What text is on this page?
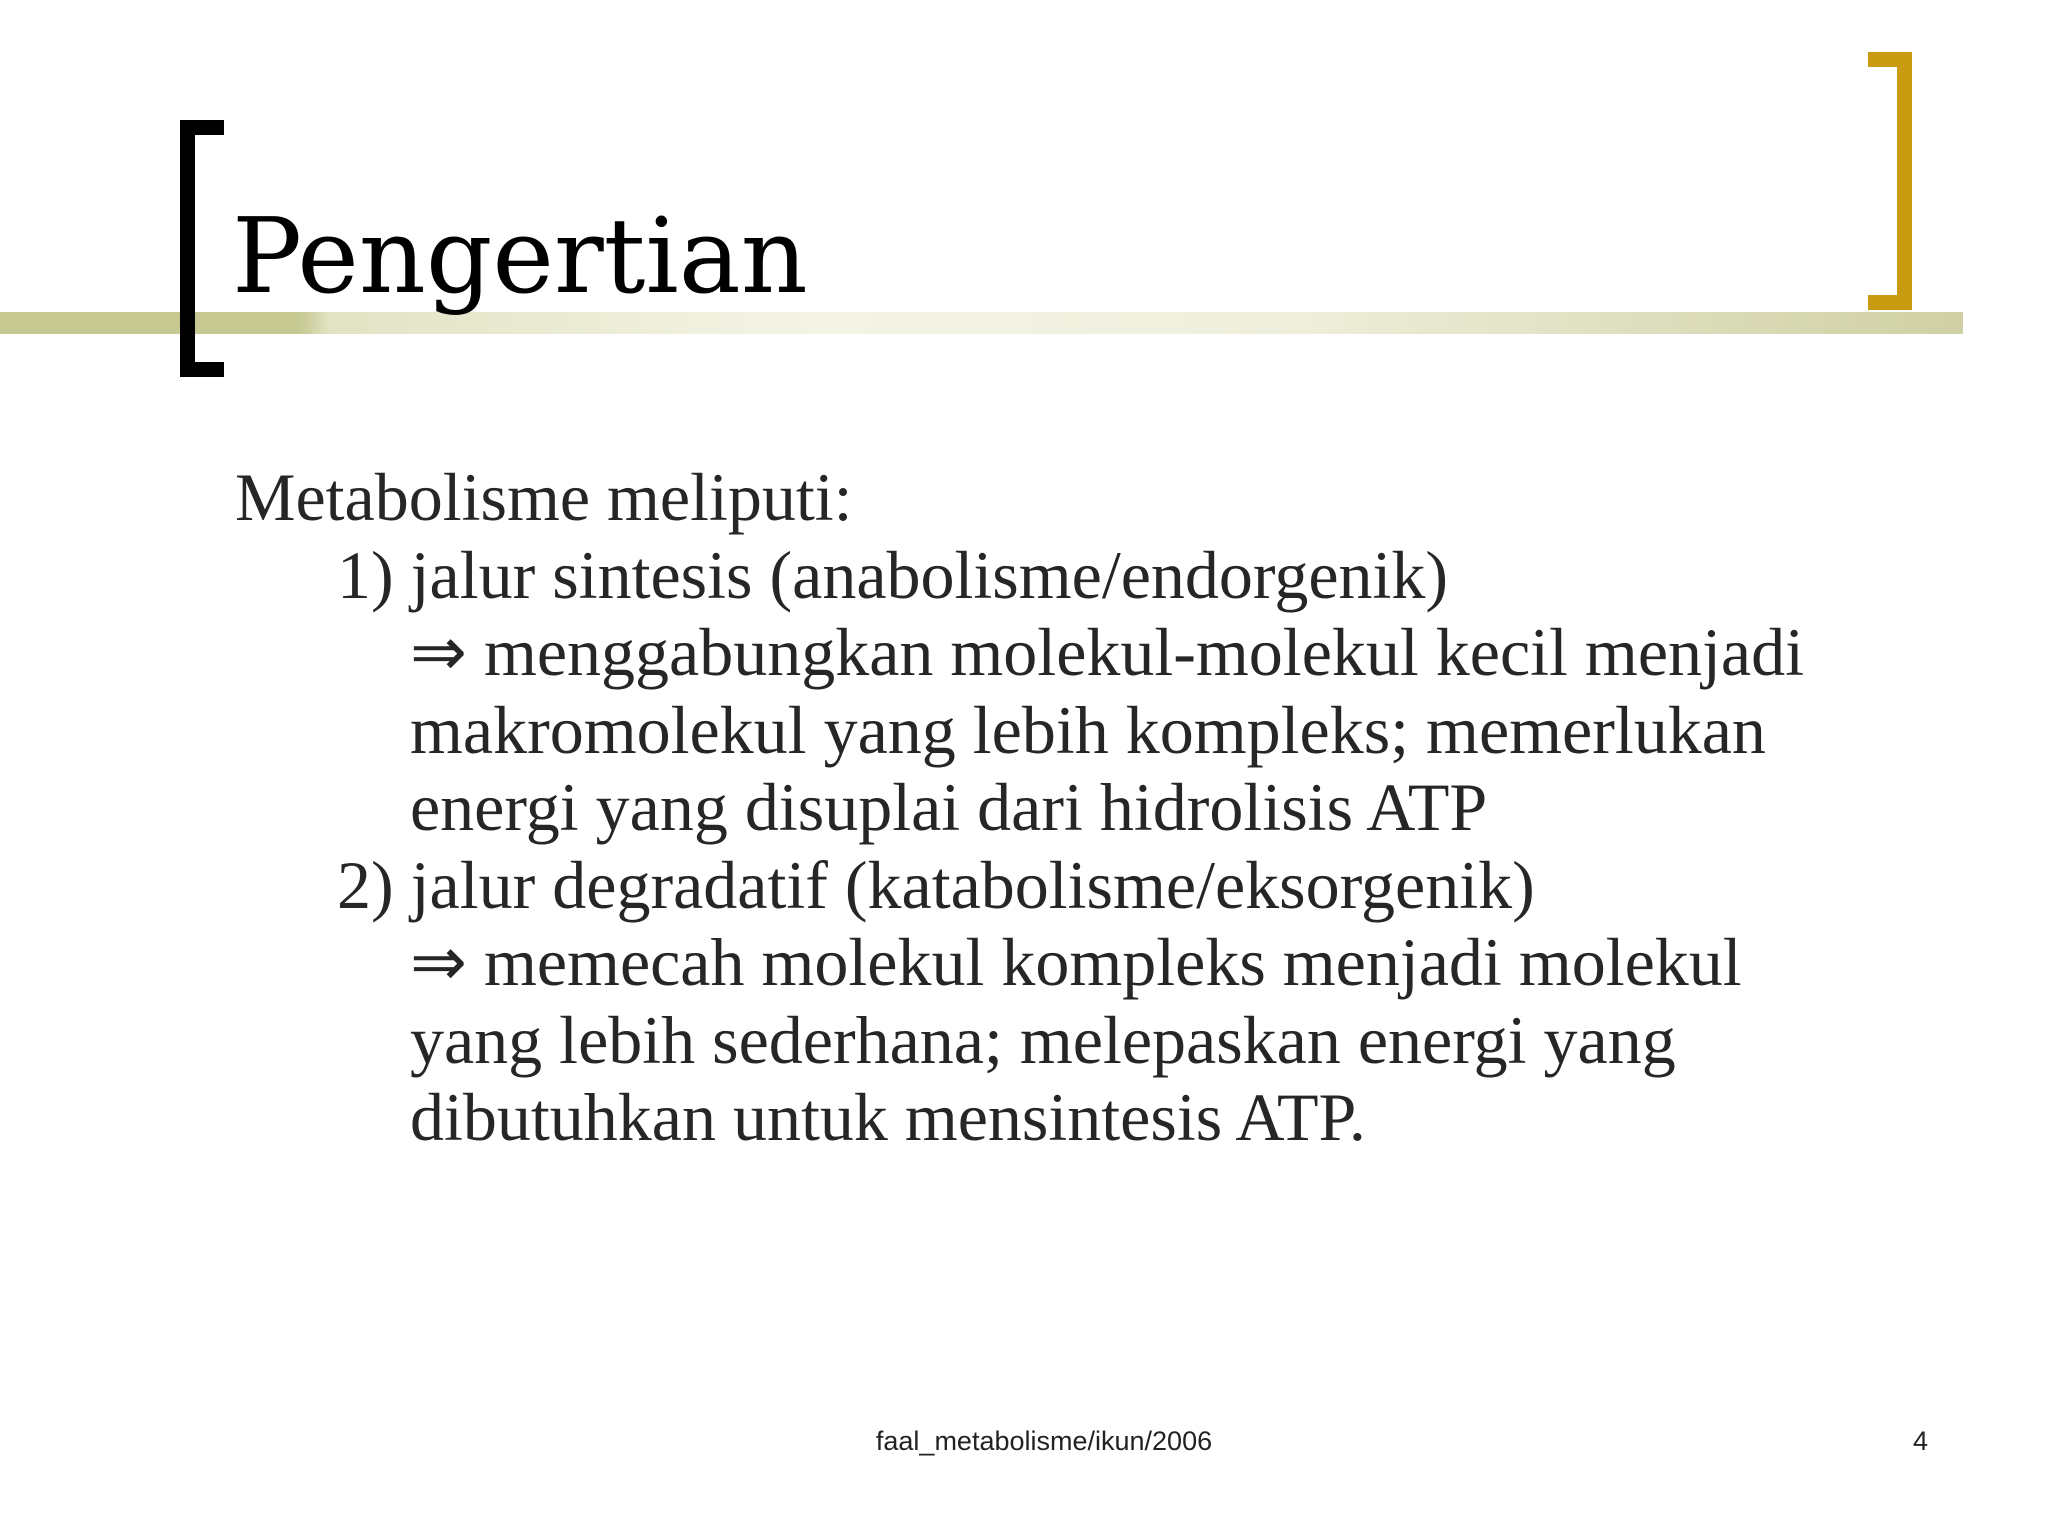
Pengertian
Metabolisme meliputi:
1) jalur sintesis (anabolisme/endorgenik)
⇒ menggabungkan molekul-molekul kecil menjadi
makromolekul yang lebih kompleks; memerlukan
energi yang disuplai dari hidrolisis ATP
2) jalur degradatif (katabolisme/eksorgenik)
⇒ memecah molekul kompleks menjadi molekul
yang lebih sederhana; melepaskan energi yang
dibutuhkan untuk mensintesis ATP.
faal_metabolisme/ikun/2006	4
